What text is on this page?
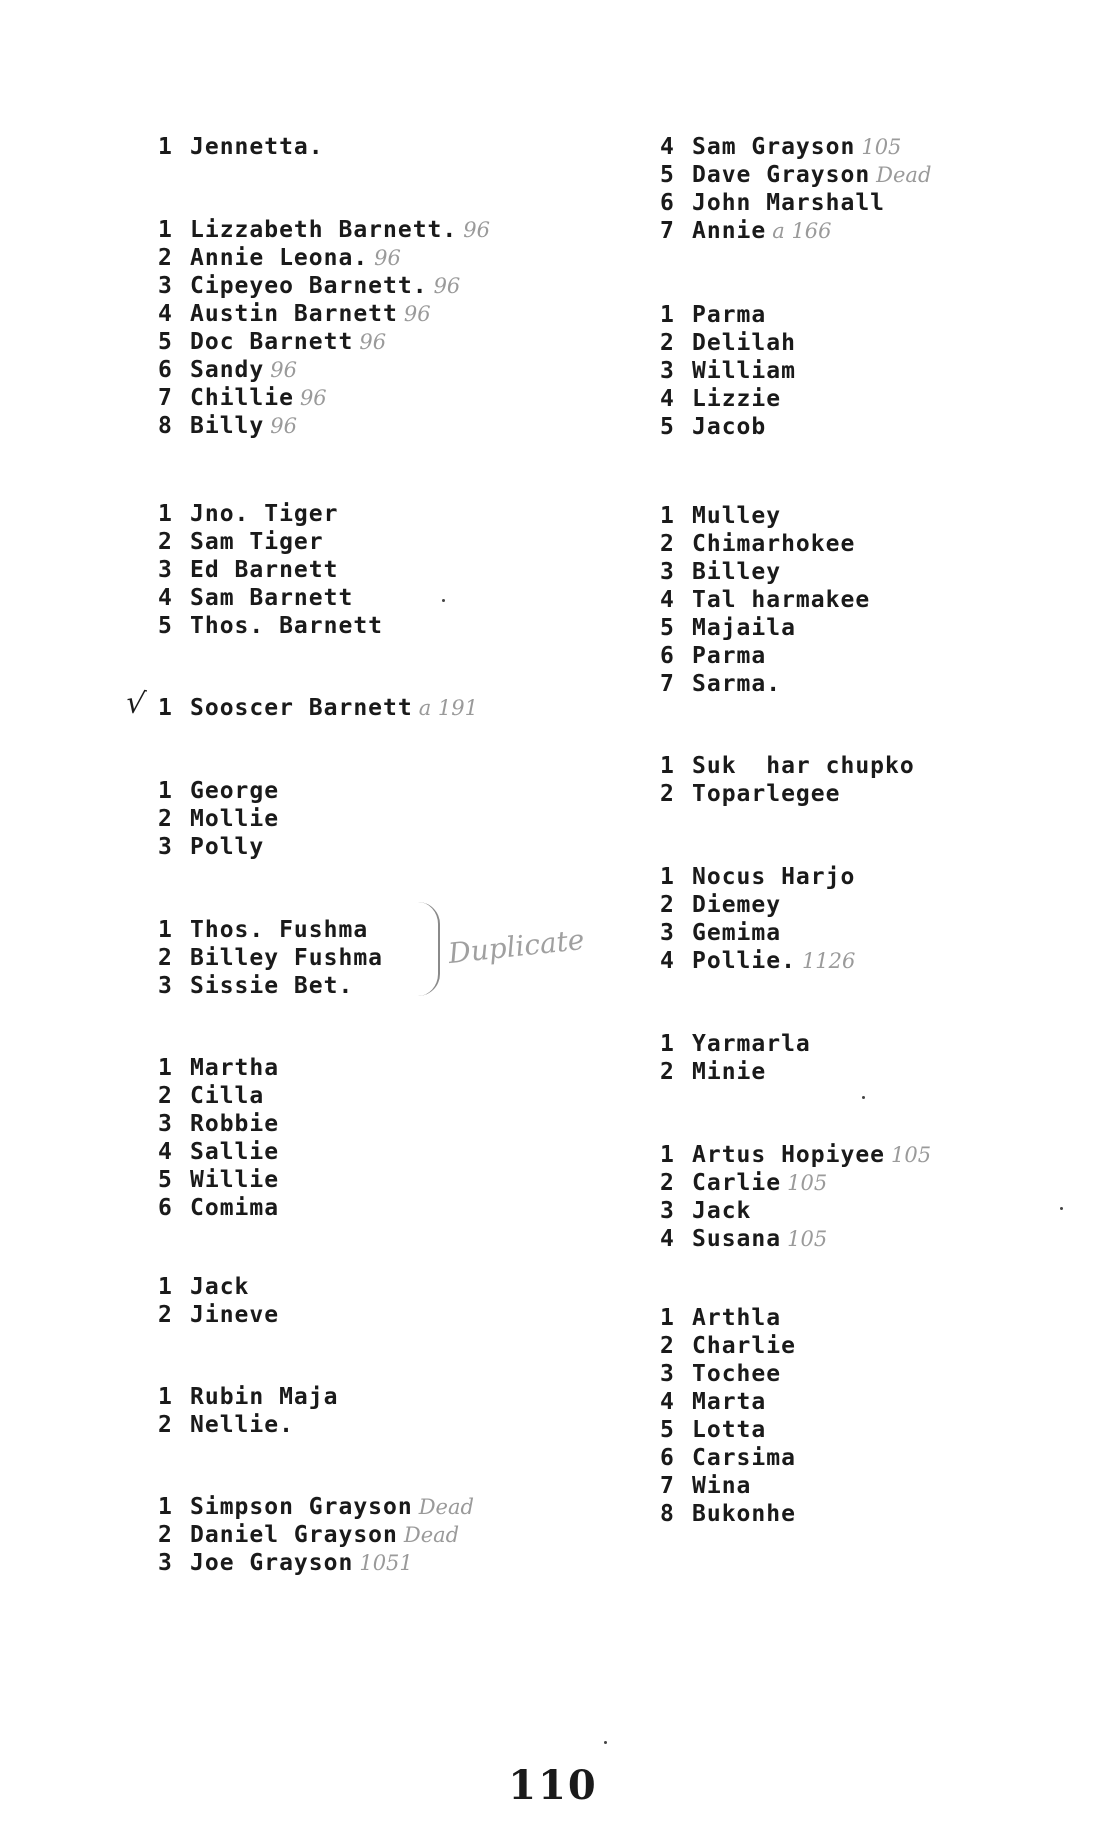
1 Jennetta.
1 Lizzabeth Barnett. 96
2 Annie Leona. 96
3 Cipeyeo Barnett. 96
4 Austin Barnett 96
5 Doc Barnett 96
6 Sandy 96
7 Chillie 96
8 Billy 96
1 Jno. Tiger
2 Sam Tiger
3 Ed Barnett
4 Sam Barnett
5 Thos. Barnett
1 Sooscer Barnett a 191
1 George
2 Mollie
3 Polly
1 Thos. Fushma
2 Billey Fushma
3 Sissie Bet.
1 Martha
2 Cilla
3 Robbie
4 Sallie
5 Willie
6 Comima
1 Jack
2 Jineve
1 Rubin Maja
2 Nellie.
1 Simpson Grayson Dead
2 Daniel Grayson Dead
3 Joe Grayson 1051
4 Sam Grayson 105
5 Dave Grayson Dead
6 John Marshall
7 Annie a 166
1 Parma
2 Delilah
3 William
4 Lizzie
5 Jacob
1 Mulley
2 Chimarhokee
3 Billey
4 Tal harmakee
5 Majaila
6 Parma
7 Sarma.
1 Suk  har chupko
2 Toparlegee
1 Nocus Harjo
2 Diemey
3 Gemima
4 Pollie. 1126
1 Yarmarla
2 Minie
1 Artus Hopiyee 105
2 Carlie 105
3 Jack
4 Susana 105
1 Arthla
2 Charlie
3 Tochee
4 Marta
5 Lotta
6 Carsima
7 Wina
8 Bukonhe
√
Duplicate
110
